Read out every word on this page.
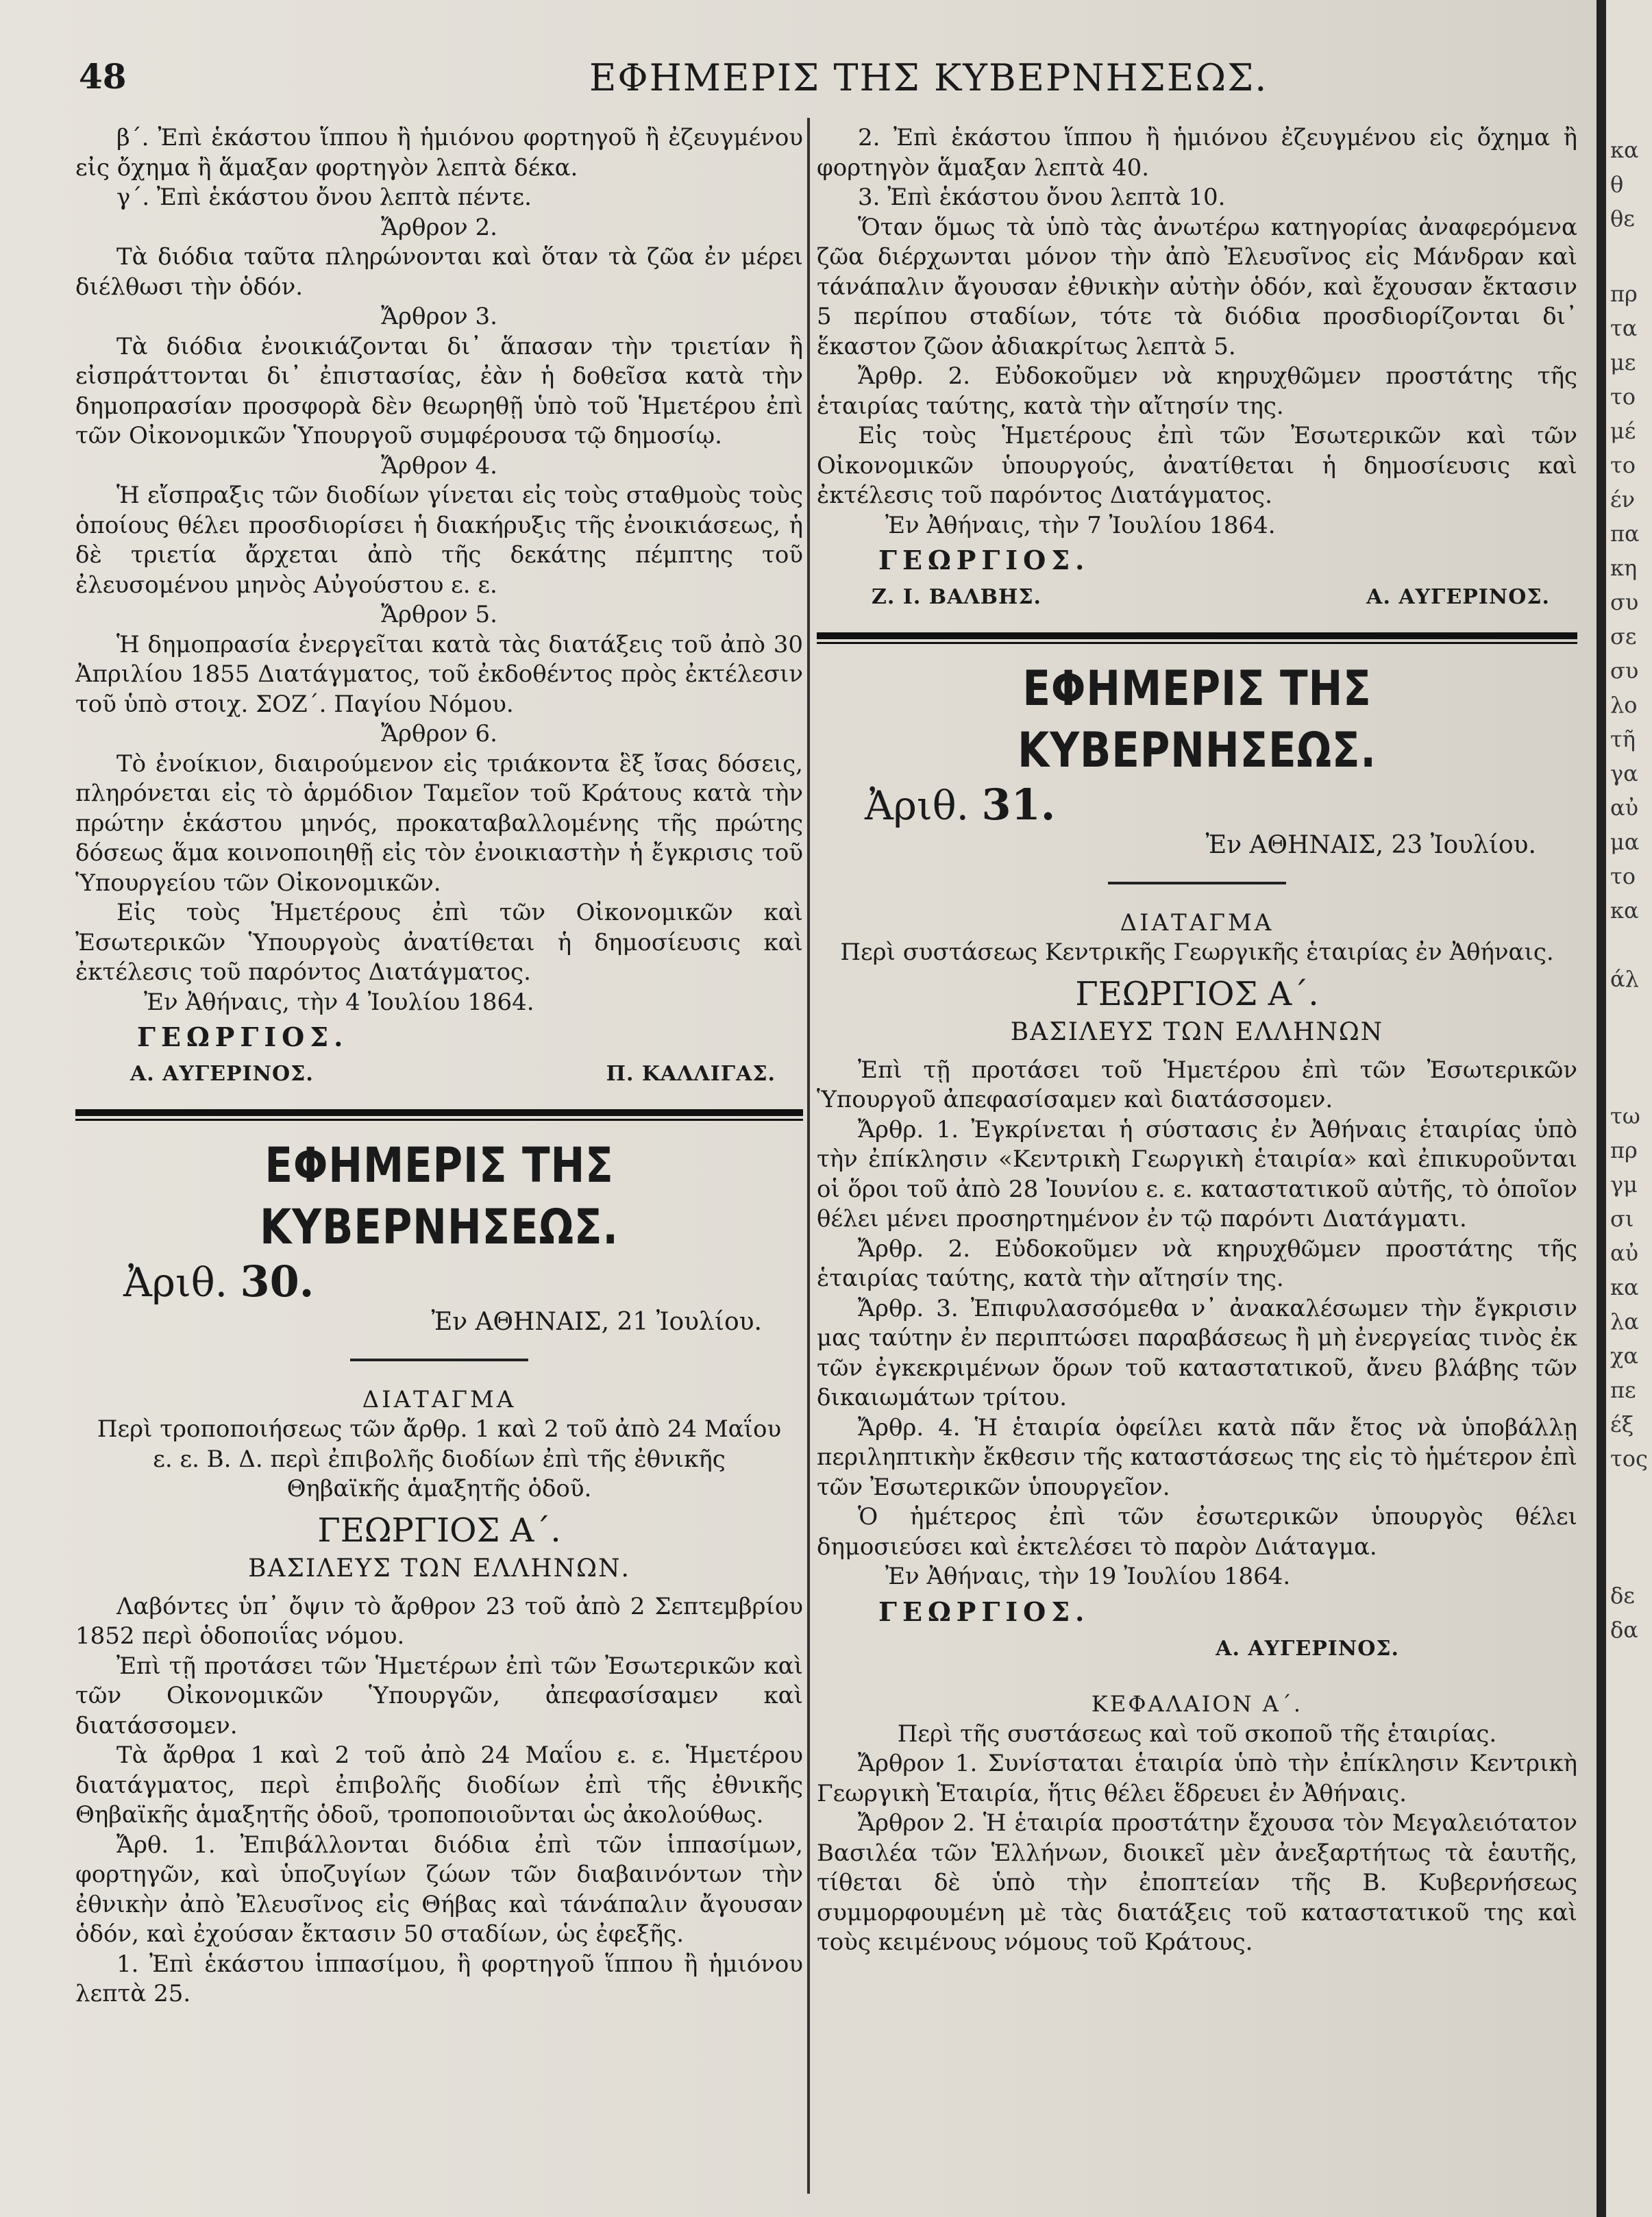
48	ΕΦΗΜΕΡΙΣ ΤΗΣ ΚΥΒΕΡΝΗΣΕΩΣ.

β΄. Ἐπὶ ἑκάστου ἵππου ἢ ἡμιόνου φορτηγοῦ ἢ ἐζευγμένου εἰς ὄχημα ἢ ἅμαξαν φορτηγὸν λεπτὰ δέκα.

γ΄. Ἐπὶ ἑκάστου ὄνου λεπτὰ πέντε.

Ἄρθρον 2.

Τὰ διόδια ταῦτα πληρώνονται καὶ ὅταν τὰ ζῶα ἐν μέρει διέλθωσι τὴν ὁδόν.

Ἄρθρον 3.

Τὰ διόδια ἐνοικιάζονται δι᾽ ἅπασαν τὴν τριετίαν ἢ εἰσπράττονται δι᾽ ἐπιστασίας, ἐὰν ἡ δοθεῖσα κατὰ τὴν δημοπρασίαν προσφορὰ δὲν θεωρηθῇ ὑπὸ τοῦ Ἡμετέρου ἐπὶ τῶν Οἰκονομικῶν Ὑπουργοῦ συμφέρουσα τῷ δημοσίῳ.

Ἄρθρον 4.

Ἡ εἴσπραξις τῶν διοδίων γίνεται εἰς τοὺς σταθμοὺς τοὺς ὁποίους θέλει προσδιορίσει ἡ διακήρυξις τῆς ἐνοικιάσεως, ἡ δὲ τριετία ἄρχεται ἀπὸ τῆς δεκάτης πέμπτης τοῦ ἐλευσομένου μηνὸς Αὐγούστου ε. ε.

Ἄρθρον 5.

Ἡ δημοπρασία ἐνεργεῖται κατὰ τὰς διατάξεις τοῦ ἀπὸ 30 Ἀπριλίου 1855 Διατάγματος, τοῦ ἐκδοθέντος πρὸς ἐκτέλεσιν τοῦ ὑπὸ στοιχ. ΣΟΖ΄. Παγίου Νόμου.

Ἄρθρον 6.

Τὸ ἐνοίκιον, διαιρούμενον εἰς τριάκοντα ἓξ ἴσας δόσεις, πληρόνεται εἰς τὸ ἁρμόδιον Ταμεῖον τοῦ Κράτους κατὰ τὴν πρώτην ἑκάστου μηνός, προκαταβαλλομένης τῆς πρώτης δόσεως ἅμα κοινοποιηθῇ εἰς τὸν ἐνοικιαστὴν ἡ ἔγκρισις τοῦ Ὑπουργείου τῶν Οἰκονομικῶν.

Εἰς τοὺς Ἡμετέρους ἐπὶ τῶν Οἰκονομικῶν καὶ Ἐσωτερικῶν Ὑπουργοὺς ἀνατίθεται ἡ δημοσίευσις καὶ ἐκτέλεσις τοῦ παρόντος Διατάγματος.

Ἐν Ἀθήναις, τὴν 4 Ἰουλίου 1864.

ΓΕΩΡΓΙΟΣ.
Α. ΑΥΓΕΡΙΝΟΣ.	Π. ΚΑΛΛΙΓΑΣ.
ΕΦΗΜΕΡΙΣ ΤΗΣ ΚΥΒΕΡΝΗΣΕΩΣ.
Ἀριθ. 30.
Ἐν ΑΘΗΝΑΙΣ, 21 Ἰουλίου.
ΔΙΑΤΑΓΜΑ
Περὶ τροποποιήσεως τῶν ἄρθρ. 1 καὶ 2 τοῦ ἀπὸ 24 Μαΐου
ε. ε. Β. Δ. περὶ ἐπιβολῆς διοδίων ἐπὶ τῆς ἐθνικῆς
Θηβαϊκῆς ἁμαξητῆς ὁδοῦ.
ΓΕΩΡΓΙΟΣ Α΄.
ΒΑΣΙΛΕΥΣ ΤΩΝ ΕΛΛΗΝΩΝ.

Λαβόντες ὑπ᾽ ὄψιν τὸ ἄρθρον 23 τοῦ ἀπὸ 2 Σεπτεμβρίου 1852 περὶ ὁδοποιΐας νόμου.

Ἐπὶ τῇ προτάσει τῶν Ἡμετέρων ἐπὶ τῶν Ἐσωτερικῶν καὶ τῶν Οἰκονομικῶν Ὑπουργῶν, ἀπεφασίσαμεν καὶ διατάσσομεν.

Τὰ ἄρθρα 1 καὶ 2 τοῦ ἀπὸ 24 Μαΐου ε. ε. Ἡμετέρου διατάγματος, περὶ ἐπιβολῆς διοδίων ἐπὶ τῆς ἐθνικῆς Θηβαϊκῆς ἁμαξητῆς ὁδοῦ, τροποποιοῦνται ὡς ἀκολούθως.

Ἄρθ. 1. Ἐπιβάλλονται διόδια ἐπὶ τῶν ἱππασίμων, φορτηγῶν, καὶ ὑποζυγίων ζώων τῶν διαβαινόντων τὴν ἐθνικὴν ἀπὸ Ἐλευσῖνος εἰς Θήβας καὶ τάνάπαλιν ἄγουσαν ὁδόν, καὶ ἐχούσαν ἔκτασιν 50 σταδίων, ὡς ἐφεξῆς.

1. Ἐπὶ ἑκάστου ἱππασίμου, ἢ φορτηγοῦ ἵππου ἢ ἡμιόνου λεπτὰ 25.

2. Ἐπὶ ἑκάστου ἵππου ἢ ἡμιόνου ἐζευγμένου εἰς ὄχημα ἢ φορτηγὸν ἅμαξαν λεπτὰ 40.

3. Ἐπὶ ἑκάστου ὄνου λεπτὰ 10.

Ὅταν ὅμως τὰ ὑπὸ τὰς ἀνωτέρω κατηγορίας ἀναφερόμενα ζῶα διέρχωνται μόνον τὴν ἀπὸ Ἐλευσῖνος εἰς Μάνδραν καὶ τάνάπαλιν ἄγουσαν ἐθνικὴν αὐτὴν ὁδόν, καὶ ἔχουσαν ἔκτασιν 5 περίπου σταδίων, τότε τὰ διόδια προσδιορίζονται δι᾽ ἕκαστον ζῶον ἀδιακρίτως λεπτὰ 5.

Ἄρθρ. 2. Εὐδοκοῦμεν νὰ κηρυχθῶμεν προστάτης τῆς ἑταιρίας ταύτης, κατὰ τὴν αἴτησίν της.

Εἰς τοὺς Ἡμετέρους ἐπὶ τῶν Ἐσωτερικῶν καὶ τῶν Οἰκονομικῶν ὑπουργούς, ἀνατίθεται ἡ δημοσίευσις καὶ ἐκτέλεσις τοῦ παρόντος Διατάγματος.

Ἐν Ἀθήναις, τὴν 7 Ἰουλίου 1864.

ΓΕΩΡΓΙΟΣ.
Ζ. Ι. ΒΑΛΒΗΣ.	Α. ΑΥΓΕΡΙΝΟΣ.
ΕΦΗΜΕΡΙΣ ΤΗΣ ΚΥΒΕΡΝΗΣΕΩΣ.
Ἀριθ. 31.
Ἐν ΑΘΗΝΑΙΣ, 23 Ἰουλίου.
ΔΙΑΤΑΓΜΑ
Περὶ συστάσεως Κεντρικῆς Γεωργικῆς ἑταιρίας ἐν Ἀθήναις.
ΓΕΩΡΓΙΟΣ Α΄.
ΒΑΣΙΛΕΥΣ ΤΩΝ ΕΛΛΗΝΩΝ

Ἐπὶ τῇ προτάσει τοῦ Ἡμετέρου ἐπὶ τῶν Ἐσωτερικῶν Ὑπουργοῦ ἀπεφασίσαμεν καὶ διατάσσομεν.

Ἄρθρ. 1. Ἐγκρίνεται ἡ σύστασις ἐν Ἀθήναις ἑταιρίας ὑπὸ τὴν ἐπίκλησιν «Κεντρικὴ Γεωργικὴ ἑταιρία» καὶ ἐπικυροῦνται οἱ ὅροι τοῦ ἀπὸ 28 Ἰουνίου ε. ε. καταστατικοῦ αὐτῆς, τὸ ὁποῖον θέλει μένει προσηρτημένον ἐν τῷ παρόντι Διατάγματι.

Ἄρθρ. 2. Εὐδοκοῦμεν νὰ κηρυχθῶμεν προστάτης τῆς ἑταιρίας ταύτης, κατὰ τὴν αἴτησίν της.

Ἄρθρ. 3. Ἐπιφυλασσόμεθα ν᾽ ἀνακαλέσωμεν τὴν ἔγκρισιν μας ταύτην ἐν περιπτώσει παραβάσεως ἢ μὴ ἐνεργείας τινὸς ἐκ τῶν ἐγκεκριμένων ὅρων τοῦ καταστατικοῦ, ἄνευ βλάβης τῶν δικαιωμάτων τρίτου.

Ἄρθρ. 4. Ἡ ἑταιρία ὀφείλει κατὰ πᾶν ἔτος νὰ ὑποβάλλῃ περιληπτικὴν ἔκθεσιν τῆς καταστάσεως της εἰς τὸ ἡμέτερον ἐπὶ τῶν Ἐσωτερικῶν ὑπουργεῖον.

Ὁ ἡμέτερος ἐπὶ τῶν ἐσωτερικῶν ὑπουργὸς θέλει δημοσιεύσει καὶ ἐκτελέσει τὸ παρὸν Διάταγμα.

Ἐν Ἀθήναις, τὴν 19 Ἰουλίου 1864.

ΓΕΩΡΓΙΟΣ.
Α. ΑΥΓΕΡΙΝΟΣ.
ΚΕΦΑΛΑΙΟΝ Α΄.
Περὶ τῆς συστάσεως καὶ τοῦ σκοποῦ τῆς ἑταιρίας.

Ἄρθρον 1. Συνίσταται ἑταιρία ὑπὸ τὴν ἐπίκλησιν Κεντρικὴ Γεωργικὴ Ἑταιρία, ἥτις θέλει ἕδρευει ἐν Ἀθήναις.

Ἄρθρον 2. Ἡ ἑταιρία προστάτην ἔχουσα τὸν Μεγαλειότατον Βασιλέα τῶν Ἑλλήνων, διοικεῖ μὲν ἀνεξαρτήτως τὰ ἑαυτῆς, τίθεται δὲ ὑπὸ τὴν ἐποπτείαν τῆς Β. Κυβερνήσεως συμμορφουμένη μὲ τὰς διατάξεις τοῦ καταστατικοῦ της καὶ τοὺς κειμένους νόμους τοῦ Κράτους.

κα
θ
θε
πρ
τα
με
το
μέ
το
έν
πα
κη
συ
σε
συ
λο
τῆ
γα
αὐ
μα
το
κα
άλ
τω
πρ
γμ
σι
αὐ
κα
λα
χα
πε
έξ
τος
δε
δα
